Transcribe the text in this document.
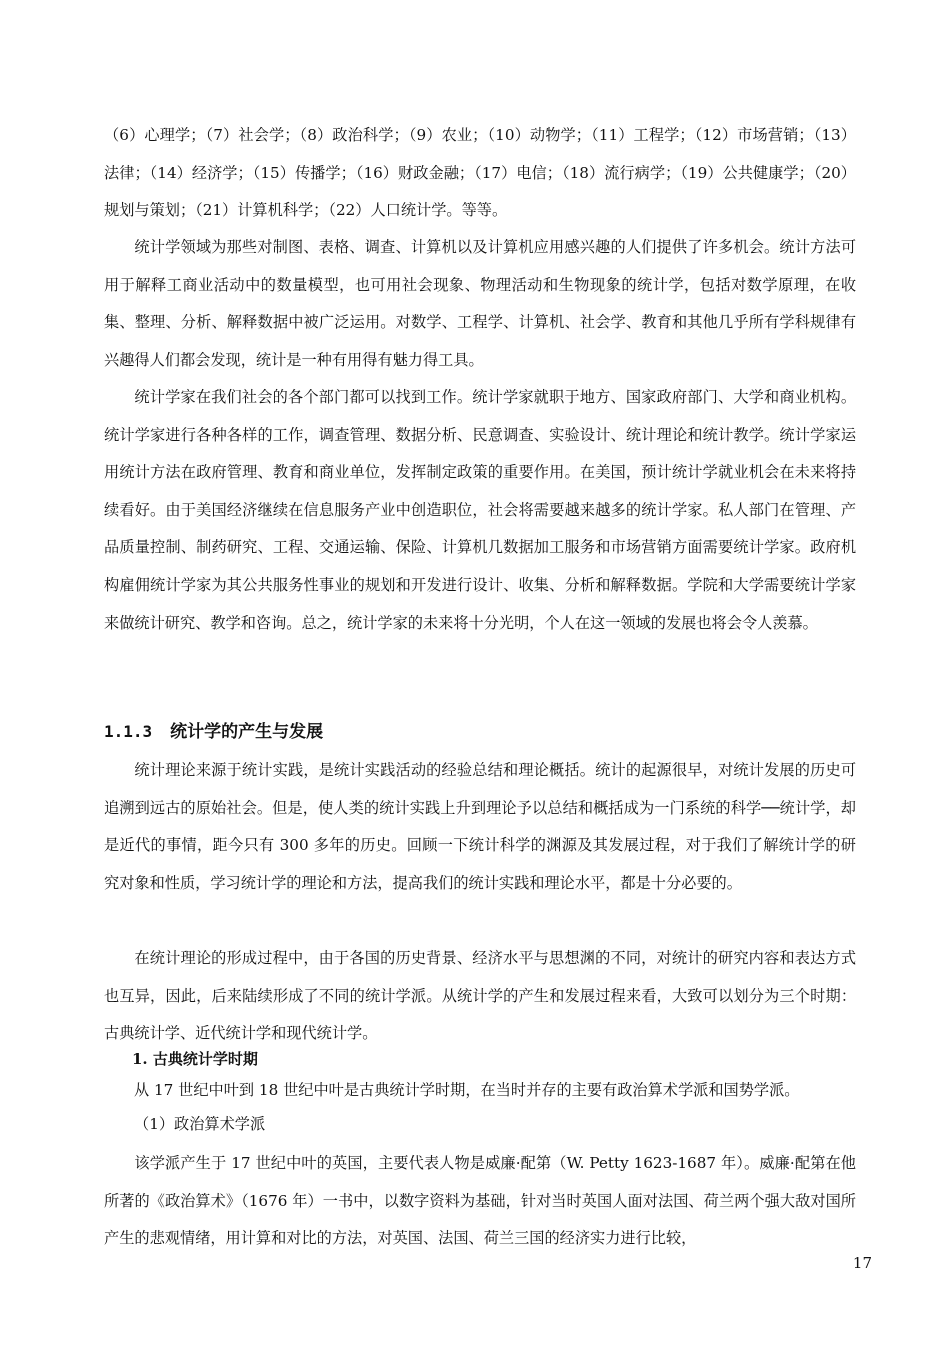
（6）心理学；（7）社会学；（8）政治科学；（9）农业；（10）动物学；（11）工程学；（12）市场营销；（13）法律；（14）经济学；（15）传播学；（16）财政金融；（17）电信；（18）流行病学；（19）公共健康学；（20）规划与策划；（21）计算机科学；（22）人口统计学。等等。

统计学领域为那些对制图、表格、调查、计算机以及计算机应用感兴趣的人们提供了许多机会。统计方法可用于解释工商业活动中的数量模型，也可用社会现象、物理活动和生物现象的统计学，包括对数学原理，在收集、整理、分析、解释数据中被广泛运用。对数学、工程学、计算机、社会学、教育和其他几乎所有学科规律有兴趣得人们都会发现，统计是一种有用得有魅力得工具。

统计学家在我们社会的各个部门都可以找到工作。统计学家就职于地方、国家政府部门、大学和商业机构。统计学家进行各种各样的工作，调查管理、数据分析、民意调查、实验设计、统计理论和统计教学。统计学家运用统计方法在政府管理、教育和商业单位，发挥制定政策的重要作用。在美国，预计统计学就业机会在未来将持续看好。由于美国经济继续在信息服务产业中创造职位，社会将需要越来越多的统计学家。私人部门在管理、产品质量控制、制药研究、工程、交通运输、保险、计算机几数据加工服务和市场营销方面需要统计学家。政府机构雇佣统计学家为其公共服务性事业的规划和开发进行设计、收集、分析和解释数据。学院和大学需要统计学家来做统计研究、教学和咨询。总之，统计学家的未来将十分光明，个人在这一领域的发展也将会令人羡慕。

1.1.3 统计学的产生与发展

统计理论来源于统计实践，是统计实践活动的经验总结和理论概括。统计的起源很早，对统计发展的历史可追溯到远古的原始社会。但是，使人类的统计实践上升到理论予以总结和概括成为一门系统的科学──统计学，却是近代的事情，距今只有 300 多年的历史。回顾一下统计科学的渊源及其发展过程，对于我们了解统计学的研究对象和性质，学习统计学的理论和方法，提高我们的统计实践和理论水平，都是十分必要的。

在统计理论的形成过程中，由于各国的历史背景、经济水平与思想渊的不同，对统计的研究内容和表达方式也互异，因此，后来陆续形成了不同的统计学派。从统计学的产生和发展过程来看，大致可以划分为三个时期：古典统计学、近代统计学和现代统计学。

1. 古典统计学时期

从 17 世纪中叶到 18 世纪中叶是古典统计学时期，在当时并存的主要有政治算术学派和国势学派。

（1）政治算术学派

该学派产生于 17 世纪中叶的英国，主要代表人物是威廉·配第（W. Petty 1623-1687 年）。威廉·配第在他所著的《政治算术》（1676 年）一书中，以数字资料为基础，针对当时英国人面对法国、荷兰两个强大敌对国所产生的悲观情绪，用计算和对比的方法，对英国、法国、荷兰三国的经济实力进行比较，

17
